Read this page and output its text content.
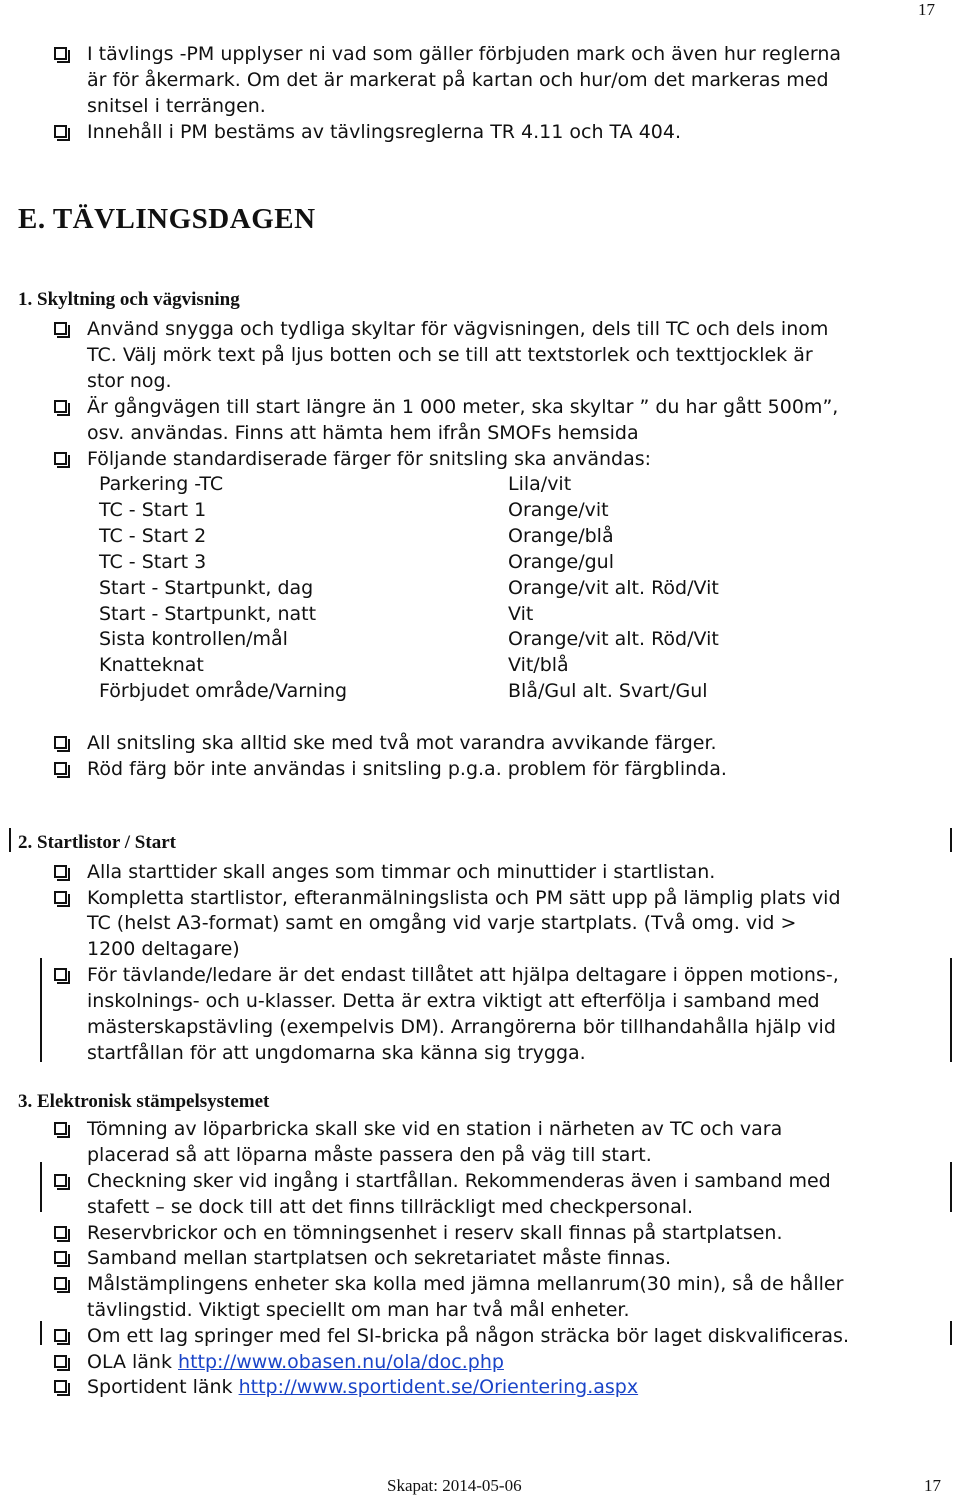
17
I tävlings -PM upplyser ni vad som gäller förbjuden mark och även hur reglerna
är för åkermark. Om det är markerat på kartan och hur/om det markeras med
snitsel i terrängen.
Innehåll i PM bestäms av tävlingsreglerna TR 4.11 och TA 404.
E. TÄVLINGSDAGEN
1. Skyltning och vägvisning
Använd snygga och tydliga skyltar för vägvisningen, dels till TC och dels inom
TC. Välj mörk text på ljus botten och se till att textstorlek och texttjocklek är
stor nog.
Är gångvägen till start längre än 1 000 meter, ska skyltar ” du har gått 500m”,
osv. användas. Finns att hämta hem ifrån SMOFs hemsida
Följande standardiserade färger för snitsling ska användas:
Parkering -TC	Lila/vit
TC - Start 1	Orange/vit
TC - Start 2	Orange/blå
TC - Start 3	Orange/gul
Start - Startpunkt, dag	Orange/vit alt. Röd/Vit
Start - Startpunkt, natt	Vit
Sista kontrollen/mål	Orange/vit alt. Röd/Vit
Knatteknat	Vit/blå
Förbjudet område/Varning	Blå/Gul alt. Svart/Gul
All snitsling ska alltid ske med två mot varandra avvikande färger.
Röd färg bör inte användas i snitsling p.g.a. problem för färgblinda.
2. Startlistor / Start
Alla starttider skall anges som timmar och minuttider i startlistan.
Kompletta startlistor, efteranmälningslista och PM sätt upp på lämplig plats vid
TC (helst A3-format) samt en omgång vid varje startplats. (Två omg. vid >
1200 deltagare)
För tävlande/ledare är det endast tillåtet att hjälpa deltagare i öppen motions-,
inskolnings- och u-klasser. Detta är extra viktigt att efterfölja i samband med
mästerskapstävling (exempelvis DM). Arrangörerna bör tillhandahålla hjälp vid
startfållan för att ungdomarna ska känna sig trygga.
3. Elektronisk stämpelsystemet
Tömning av löparbricka skall ske vid en station i närheten av TC och vara
placerad så att löparna måste passera den på väg till start.
Checkning sker vid ingång i startfållan. Rekommenderas även i samband med
stafett – se dock till att det finns tillräckligt med checkpersonal.
Reservbrickor och en tömningsenhet i reserv skall finnas på startplatsen.
Samband mellan startplatsen och sekretariatet måste finnas.
Målstämplingens enheter ska kolla med jämna mellanrum(30 min), så de håller
tävlingstid. Viktigt speciellt om man har två mål enheter.
Om ett lag springer med fel SI-bricka på någon sträcka bör laget diskvalificeras.
OLA länk http://www.obasen.nu/ola/doc.php
Sportident länk http://www.sportident.se/Orientering.aspx
Skapat: 2014-05-06	17
